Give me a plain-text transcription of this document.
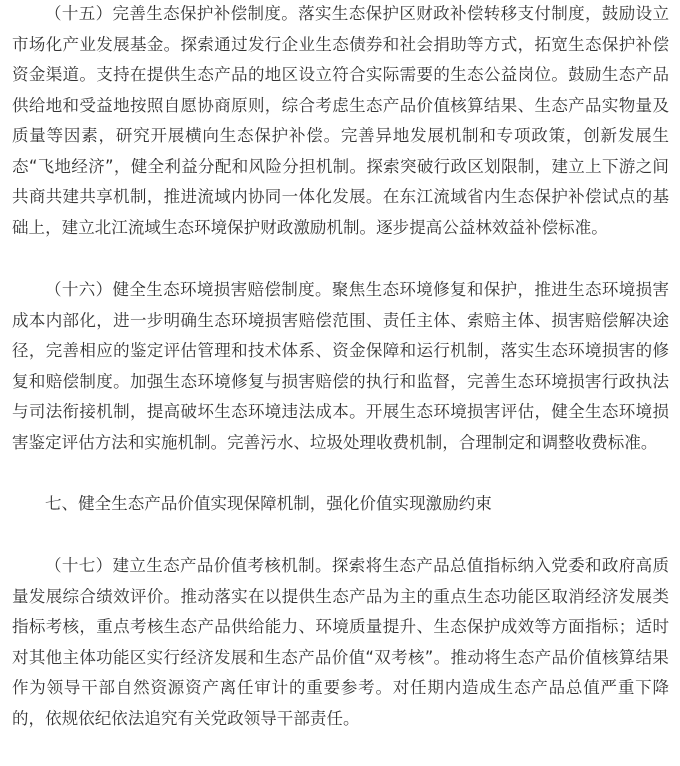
（十五）完善生态保护补偿制度。落实生态保护区财政补偿转移支付制度，鼓励设立市场化产业发展基金。探索通过发行企业生态债券和社会捐助等方式，拓宽生态保护补偿资金渠道。支持在提供生态产品的地区设立符合实际需要的生态公益岗位。鼓励生态产品供给地和受益地按照自愿协商原则，综合考虑生态产品价值核算结果、生态产品实物量及质量等因素，研究开展横向生态保护补偿。完善异地发展机制和专项政策，创新发展生态“飞地经济”，健全利益分配和风险分担机制。探索突破行政区划限制，建立上下游之间共商共建共享机制，推进流域内协同一体化发展。在东江流域省内生态保护补偿试点的基础上，建立北江流域生态环境保护财政激励机制。逐步提高公益林效益补偿标准。

（十六）健全生态环境损害赔偿制度。聚焦生态环境修复和保护，推进生态环境损害成本内部化，进一步明确生态环境损害赔偿范围、责任主体、索赔主体、损害赔偿解决途径，完善相应的鉴定评估管理和技术体系、资金保障和运行机制，落实生态环境损害的修复和赔偿制度。加强生态环境修复与损害赔偿的执行和监督，完善生态环境损害行政执法与司法衔接机制，提高破坏生态环境违法成本。开展生态环境损害评估，健全生态环境损害鉴定评估方法和实施机制。完善污水、垃圾处理收费机制，合理制定和调整收费标准。

七、健全生态产品价值实现保障机制，强化价值实现激励约束

（十七）建立生态产品价值考核机制。探索将生态产品总值指标纳入党委和政府高质量发展综合绩效评价。推动落实在以提供生态产品为主的重点生态功能区取消经济发展类指标考核，重点考核生态产品供给能力、环境质量提升、生态保护成效等方面指标；适时对其他主体功能区实行经济发展和生态产品价值“双考核”。推动将生态产品价值核算结果作为领导干部自然资源资产离任审计的重要参考。对任期内造成生态产品总值严重下降的，依规依纪依法追究有关党政领导干部责任。
